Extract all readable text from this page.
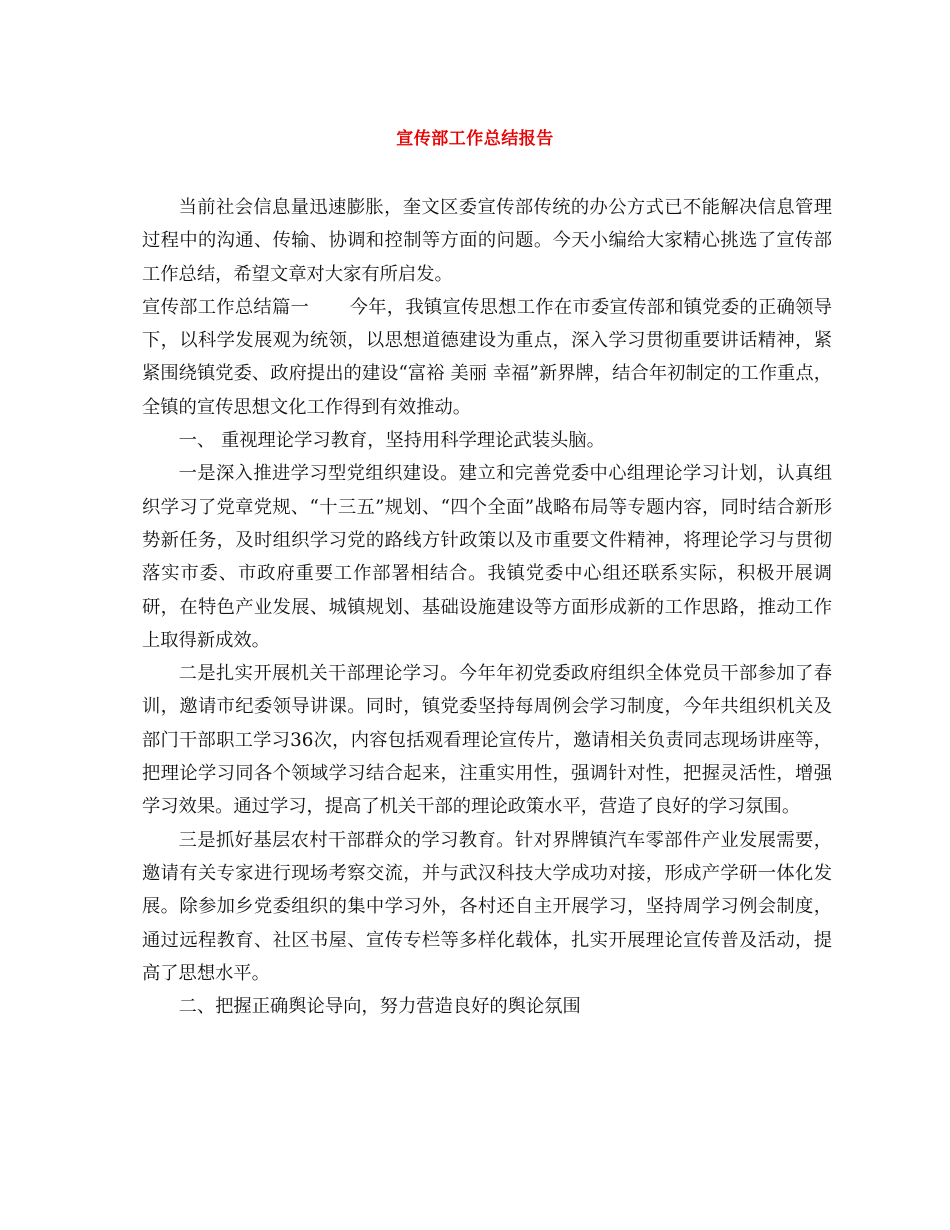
宣传部工作总结报告

当前社会信息量迅速膨胀，奎文区委宣传部传统的办公方式已不能解决信息管理过程中的沟通、传输、协调和控制等方面的问题。今天小编给大家精心挑选了宣传部工作总结，希望文章对大家有所启发。

宣传部工作总结篇一 今年，我镇宣传思想工作在市委宣传部和镇党委的正确领导下，以科学发展观为统领，以思想道德建设为重点，深入学习贯彻重要讲话精神，紧紧围绕镇党委、政府提出的建设“富裕 美丽 幸福”新界牌，结合年初制定的工作重点，全镇的宣传思想文化工作得到有效推动。

一、 重视理论学习教育，坚持用科学理论武装头脑。

一是深入推进学习型党组织建设。建立和完善党委中心组理论学习计划，认真组织学习了党章党规、“十三五”规划、“四个全面”战略布局等专题内容，同时结合新形势新任务，及时组织学习党的路线方针政策以及市重要文件精神，将理论学习与贯彻落实市委、市政府重要工作部署相结合。我镇党委中心组还联系实际，积极开展调研，在特色产业发展、城镇规划、基础设施建设等方面形成新的工作思路，推动工作上取得新成效。

二是扎实开展机关干部理论学习。今年年初党委政府组织全体党员干部参加了春训，邀请市纪委领导讲课。同时，镇党委坚持每周例会学习制度，今年共组织机关及部门干部职工学习36次，内容包括观看理论宣传片，邀请相关负责同志现场讲座等，把理论学习同各个领域学习结合起来，注重实用性，强调针对性，把握灵活性，增强学习效果。通过学习，提高了机关干部的理论政策水平，营造了良好的学习氛围。

三是抓好基层农村干部群众的学习教育。针对界牌镇汽车零部件产业发展需要，邀请有关专家进行现场考察交流，并与武汉科技大学成功对接，形成产学研一体化发展。除参加乡党委组织的集中学习外，各村还自主开展学习，坚持周学习例会制度，通过远程教育、社区书屋、宣传专栏等多样化载体，扎实开展理论宣传普及活动，提高了思想水平。

二、把握正确舆论导向，努力营造良好的舆论氛围
